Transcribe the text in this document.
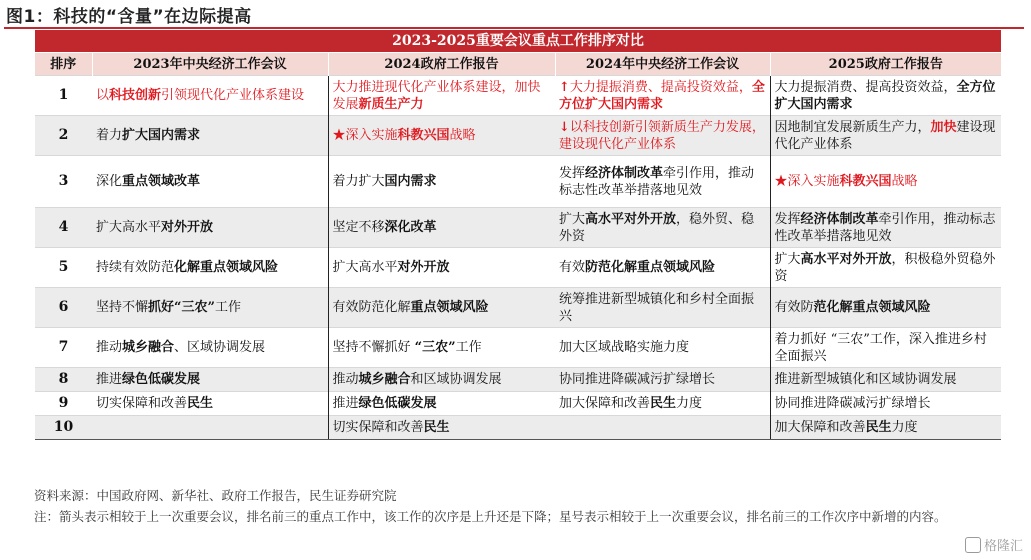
图1：科技的“含量”在边际提高
2023-2025重要会议重点工作排序对比				
排序	2023年中央经济工作会议	2024政府工作报告	2024年中央经济工作会议	2025政府工作报告
1	以科技创新引领现代化产业体系建设	大力推进现代化产业体系建设，加快发展新质生产力	↑大力提振消费、提高投资效益，全方位扩大国内需求	大力提振消费、提高投资效益，全方位扩大国内需求
2	着力扩大国内需求	★深入实施科教兴国战略	↓以科技创新引领新质生产力发展，建设现代化产业体系	因地制宜发展新质生产力，加快建设现代化产业体系
3	深化重点领域改革	着力扩大国内需求	发挥经济体制改革牵引作用，推动标志性改革举措落地见效	★深入实施科教兴国战略
4	扩大高水平对外开放	坚定不移深化改革	扩大高水平对外开放，稳外贸、稳外资	发挥经济体制改革牵引作用，推动标志性改革举措落地见效
5	持续有效防范化解重点领域风险	扩大高水平对外开放	有效防范化解重点领域风险	扩大高水平对外开放，积极稳外贸稳外资
6	坚持不懈抓好“三农”工作	有效防范化解重点领域风险	统筹推进新型城镇化和乡村全面振兴	有效防范化解重点领域风险
7	推动城乡融合、区域协调发展	坚持不懈抓好 “三农”工作	加大区域战略实施力度	着力抓好 “三农”工作，深入推进乡村全面振兴
8	推进绿色低碳发展	推动城乡融合和区域协调发展	协同推进降碳减污扩绿增长	推进新型城镇化和区域协调发展
9	切实保障和改善民生	推进绿色低碳发展	加大保障和改善民生力度	协同推进降碳减污扩绿增长
10		切实保障和改善民生		加大保障和改善民生力度
资料来源：中国政府网、新华社、政府工作报告，民生证券研究院
注：箭头表示相较于上一次重要会议，排名前三的重点工作中，该工作的次序是上升还是下降；星号表示相较于上一次重要会议，排名前三的工作次序中新增的内容。
格隆汇
